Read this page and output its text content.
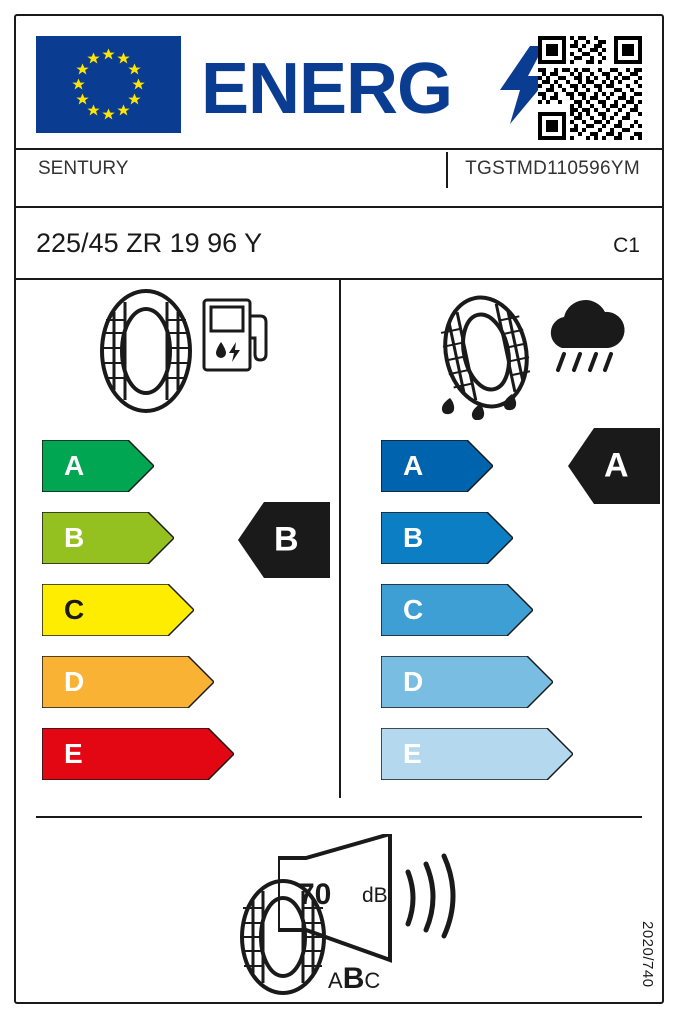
ENERG
SENTURY	TGSTMD110596YM
225/45 ZR 19 96 Y	C1
A
B
C
D
E
B
A
B
C
D
E
A
70 dB
ABC	2020/740
